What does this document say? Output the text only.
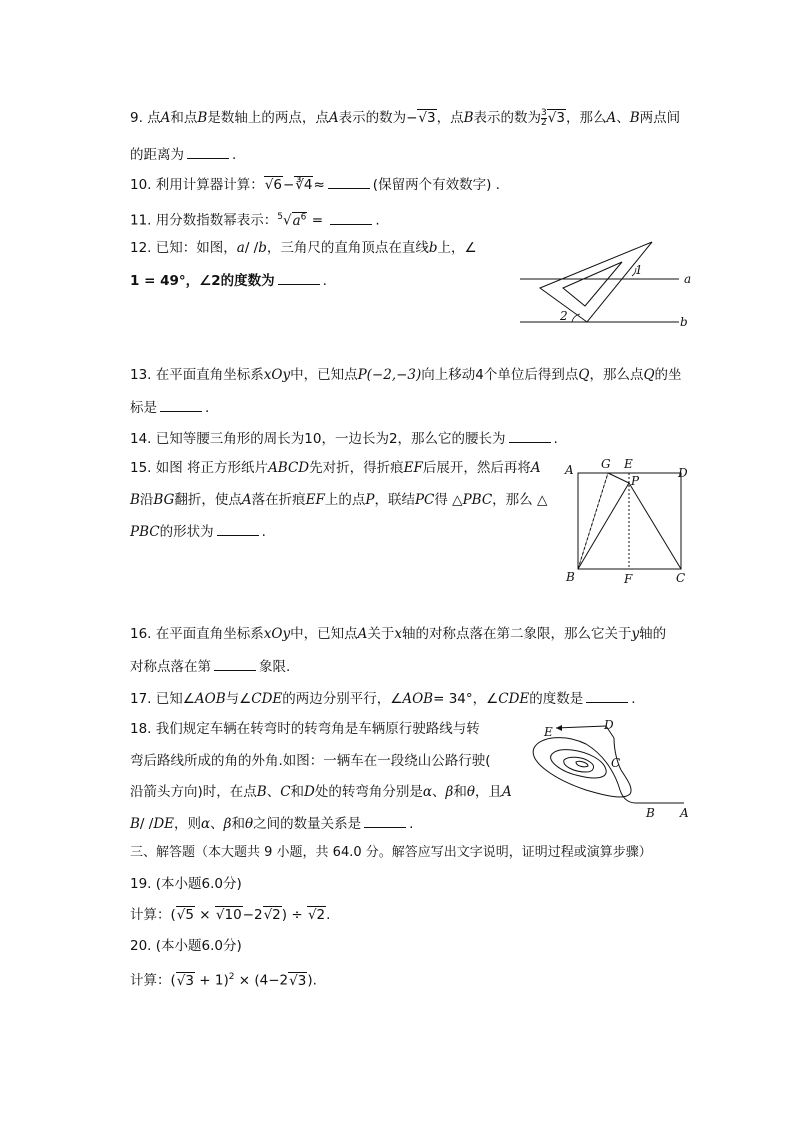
9. 点A和点B是数轴上的两点，点A表示的数为−√3，点B表示的数为 $\frac{3}{2}√3$，那么A、B两点间
的距离为	.
10. 利用计算器计算：√6−∛4≈	(保留两个有效数字) .
11. 用分数指数幂表示：$^5√a^6$ =	.
12. 已知：如图，a/ /b，三角尺的直角顶点在直线b上，∠
1 = 49°，∠2的度数为	.
1
2
a
b
13. 在平面直角坐标系xOy中，已知点P(−2,−3)向上移动4个单位后得到点Q，那么点Q的坐
标是	.
14. 已知等腰三角形的周长为10，一边长为2，那么它的腰长为	.
15. 如图 将正方形纸片ABCD先对折，得折痕EF后展开，然后再将A
B沿BG翻折，使点A落在折痕EF上的点P，联结PC得 △PBC，那么 △
PBC的形状为	.
A G E
D
P
B	F	C
16. 在平面直角坐标系xOy中，已知点A关于x轴的对称点落在第二象限，那么它关于y轴的
对称点落在第	象限.
17. 已知∠AOB与∠CDE的两边分别平行，∠AOB= 34°，∠CDE的度数是	.
18. 我们规定车辆在转弯时的转弯角是车辆原行驶路线与转
弯后路线所成的角的外角.如图：一辆车在一段绕山公路行驶(
沿箭头方向)时，在点B、C和D处的转弯角分别是α、β和θ，且A
B/ /DE，则α、β和θ之间的数量关系是	.
E	D
C
B A
三、解答题（本大题共 9 小题，共 64.0 分。解答应写出文字说明，证明过程或演算步骤）
19. (本小题6.0分)
计算：(√5 × √10−2√2) ÷ √2.
20. (本小题6.0分)
计算：$(√3 + 1)^2 \times (4-2√3)$.
